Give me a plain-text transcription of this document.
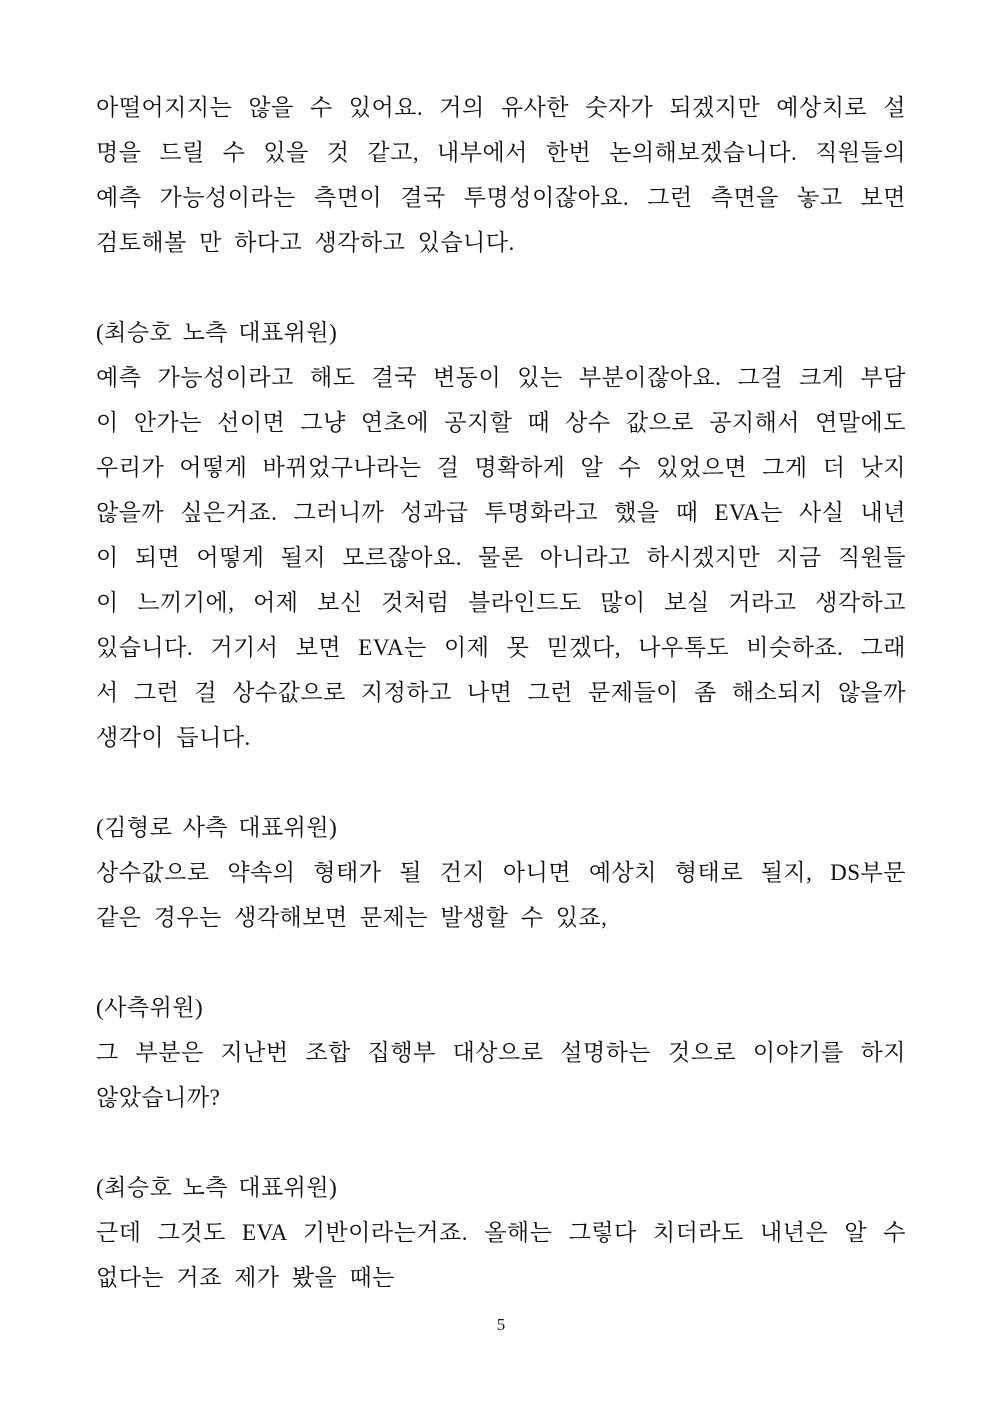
아떨어지지는 않을 수 있어요. 거의 유사한 숫자가 되겠지만 예상치로 설
명을 드릴 수 있을 것 같고, 내부에서 한번 논의해보겠습니다. 직원들의
예측 가능성이라는 측면이 결국 투명성이잖아요. 그런 측면을 놓고 보면
검토해볼 만 하다고 생각하고 있습니다.
(최승호 노측 대표위원)
예측 가능성이라고 해도 결국 변동이 있는 부분이잖아요. 그걸 크게 부담
이 안가는 선이면 그냥 연초에 공지할 때 상수 값으로 공지해서 연말에도
우리가 어떻게 바뀌었구나라는 걸 명확하게 알 수 있었으면 그게 더 낫지
않을까 싶은거죠. 그러니까 성과급 투명화라고 했을 때 EVA는 사실 내년
이 되면 어떻게 될지 모르잖아요. 물론 아니라고 하시겠지만 지금 직원들
이 느끼기에, 어제 보신 것처럼 블라인드도 많이 보실 거라고 생각하고
있습니다. 거기서 보면 EVA는 이제 못 믿겠다, 나우톡도 비슷하죠. 그래
서 그런 걸 상수값으로 지정하고 나면 그런 문제들이 좀 해소되지 않을까
생각이 듭니다.
(김형로 사측 대표위원)
상수값으로 약속의 형태가 될 건지 아니면 예상치 형태로 될지, DS부문
같은 경우는 생각해보면 문제는 발생할 수 있죠,
(사측위원)
그 부분은 지난번 조합 집행부 대상으로 설명하는 것으로 이야기를 하지
않았습니까?
(최승호 노측 대표위원)
근데 그것도 EVA 기반이라는거죠. 올해는 그렇다 치더라도 내년은 알 수
없다는 거죠 제가 봤을 때는
5
